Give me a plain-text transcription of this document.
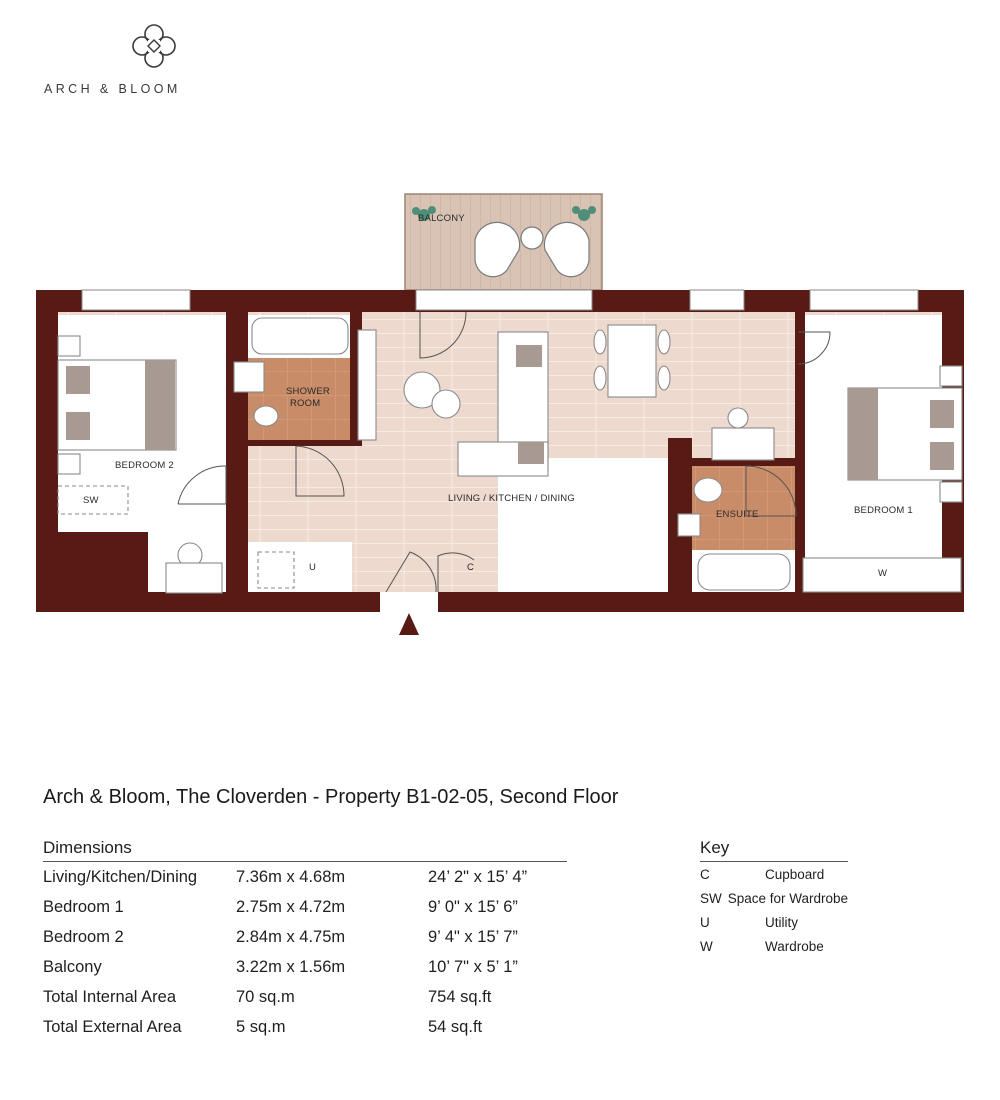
ARCH & BLOOM
BALCONY
SHOWER
ROOM
BEDROOM 2
LIVING / KITCHEN / DINING
ENSUITE	BEDROOM 1
SW
U	C
W
Arch & Bloom, The Cloverden - Property B1-02-05, Second Floor
Dimensions
Living/Kitchen/Dining	7.36m x 4.68m	24’ 2" x 15’ 4”
Bedroom 1	2.75m x 4.72m	9’ 0" x 15’ 6”
Bedroom 2	2.84m x 4.75m	9’ 4" x 15’ 7”
Balcony	3.22m x 1.56m	10’ 7" x 5’ 1”
Total Internal Area	70 sq.m	754 sq.ft
Total External Area	5 sq.m	54 sq.ft
Key
C	Cupboard
SW Space for Wardrobe
U	Utility
W	Wardrobe
